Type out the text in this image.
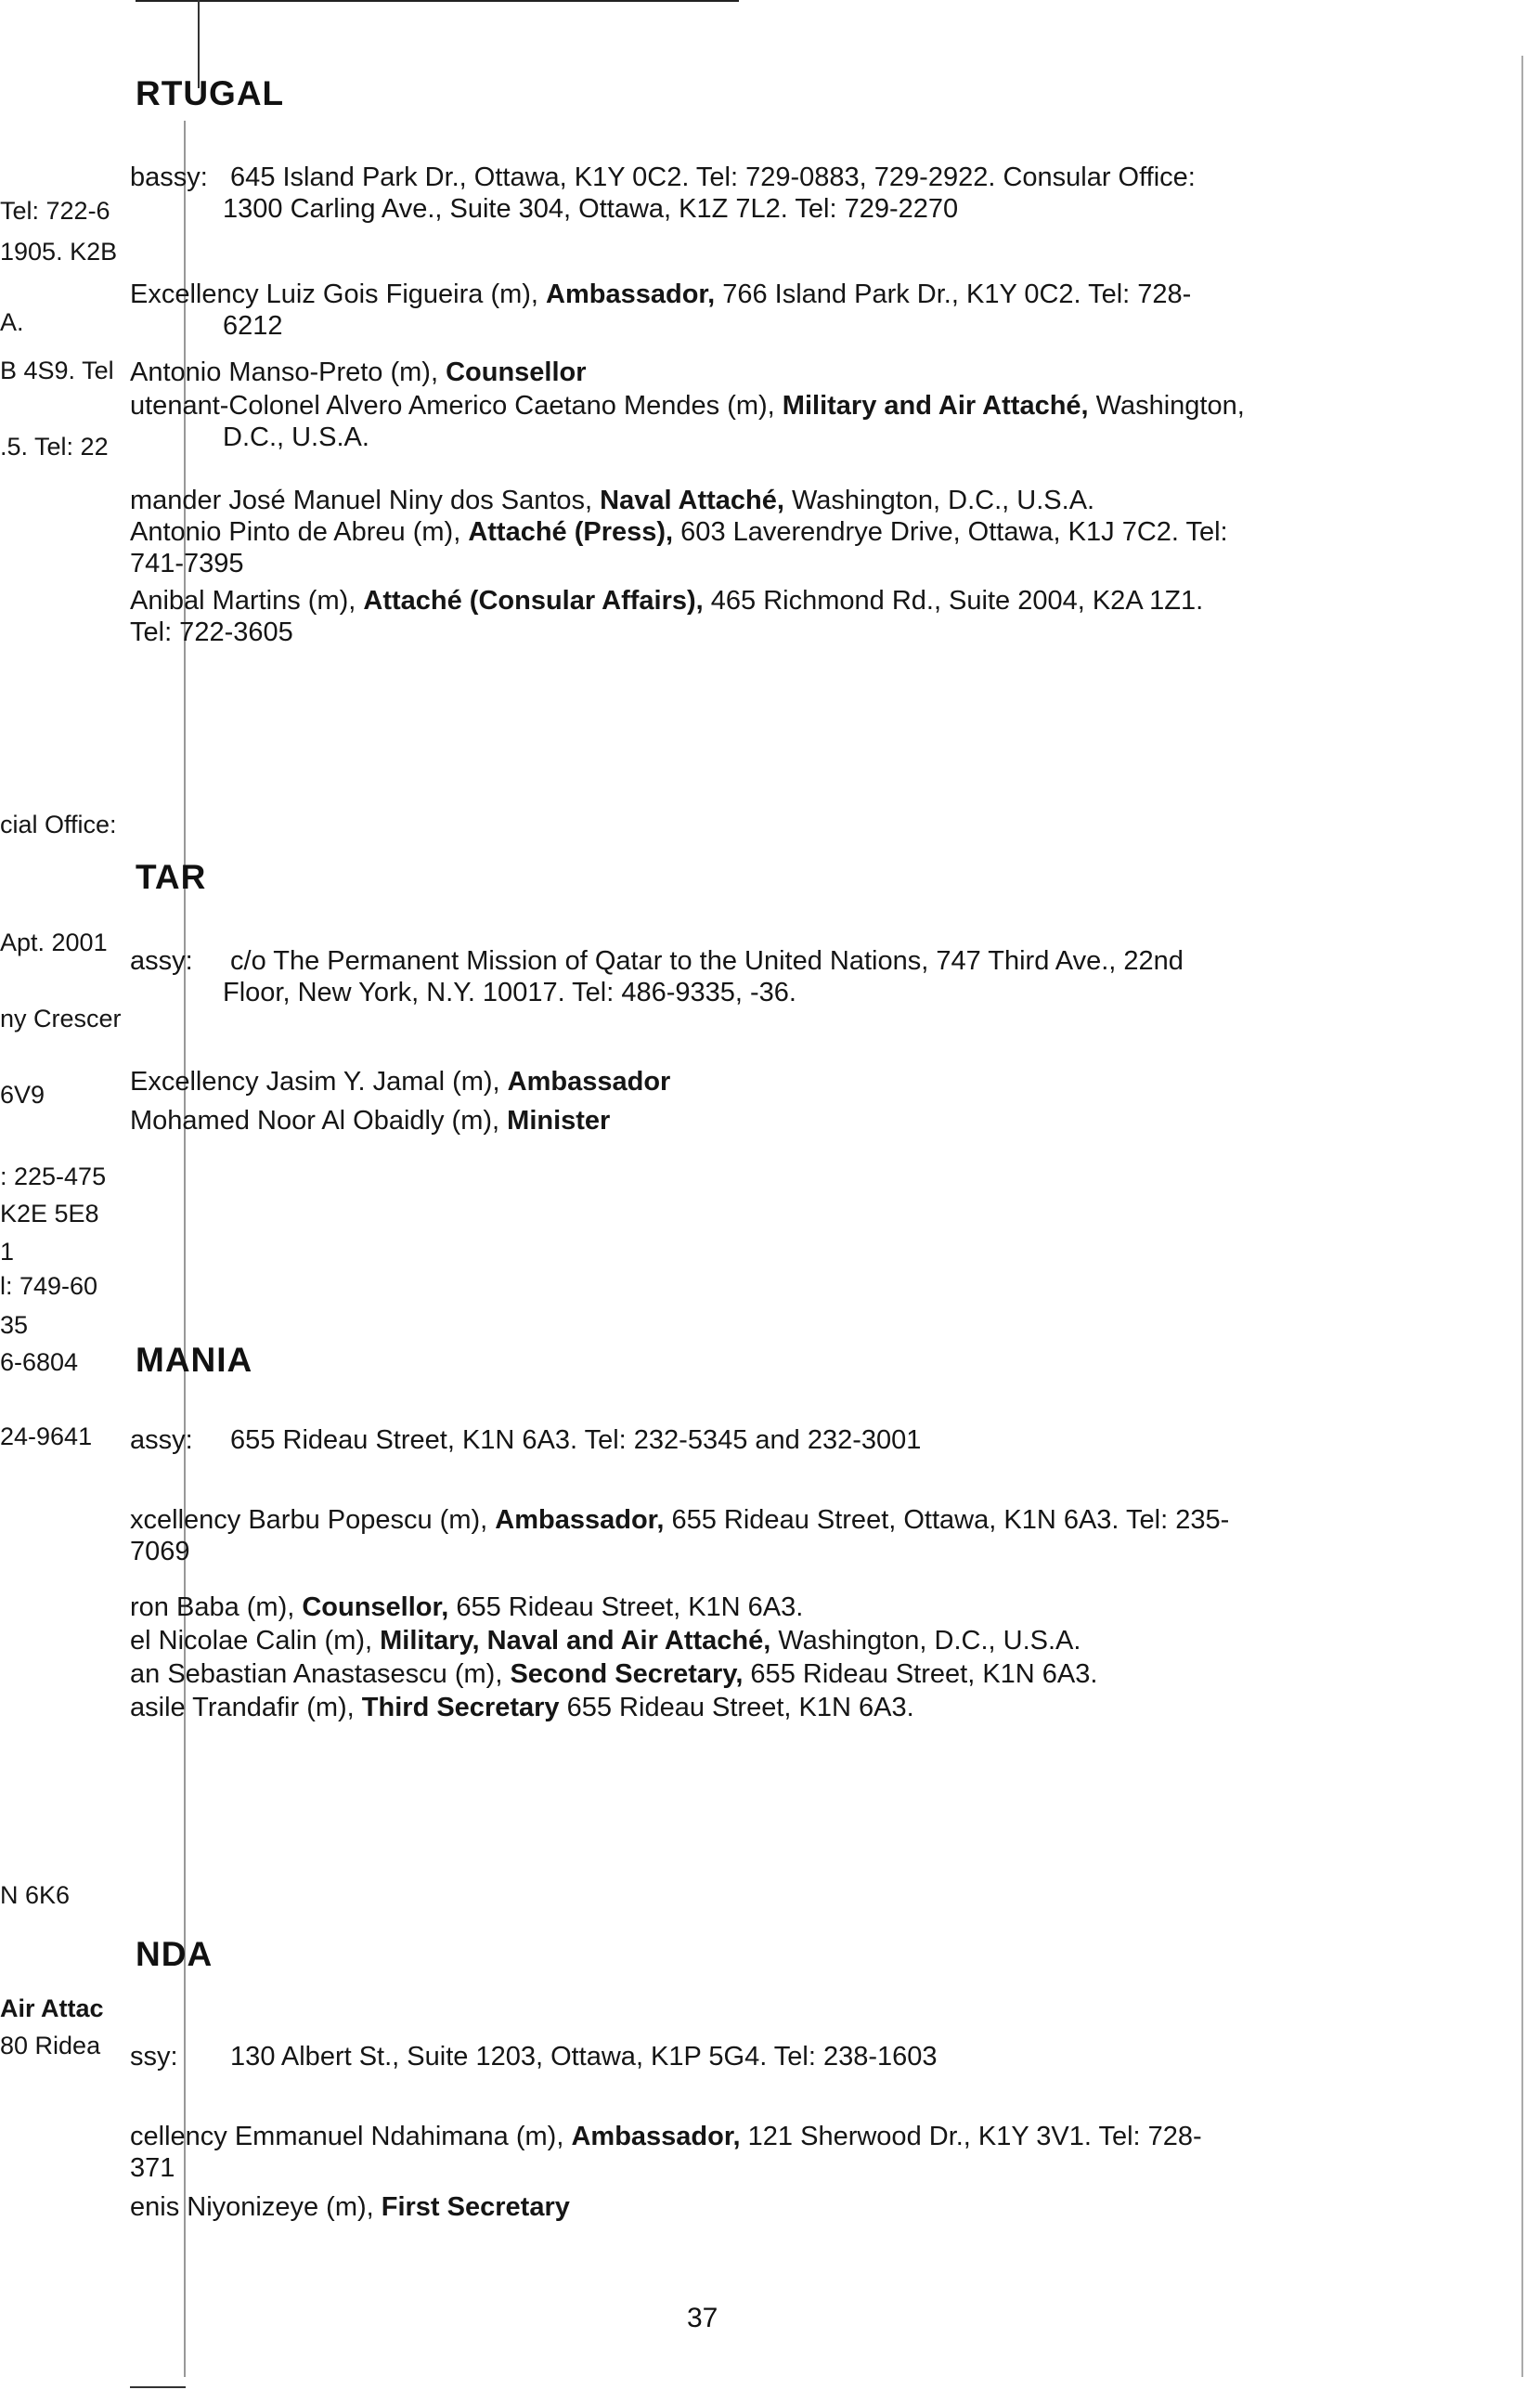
Tel: 722-6
1905. K2B
A.
B 4S9. Tel
.5. Tel: 22
cial Office:
Apt. 2001
ny Crescer
6V9
: 225-475
K2E 5E8
1
l: 749-60
35
6-6804
24-9641
N 6K6
Air Attac
80 Ridea
RTUGAL
bassy: 645 Island Park Dr., Ottawa, K1Y 0C2. Tel: 729-0883, 729-2922. Consular Office:
1300 Carling Ave., Suite 304, Ottawa, K1Z 7L2. Tel: 729-2270
Excellency Luiz Gois Figueira (m), Ambassador, 766 Island Park Dr., K1Y 0C2. Tel: 728-
6212
Antonio Manso-Preto (m), Counsellor
utenant-Colonel Alvero Americo Caetano Mendes (m), Military and Air Attaché, Washington,
D.C., U.S.A.
mander José Manuel Niny dos Santos, Naval Attaché, Washington, D.C., U.S.A.
Antonio Pinto de Abreu (m), Attaché (Press), 603 Laverendrye Drive, Ottawa, K1J 7C2. Tel:
741-7395
Anibal Martins (m), Attaché (Consular Affairs), 465 Richmond Rd., Suite 2004, K2A 1Z1.
Tel: 722-3605
TAR
assy: c/o The Permanent Mission of Qatar to the United Nations, 747 Third Ave., 22nd
Floor, New York, N.Y. 10017. Tel: 486-9335, -36.
Excellency Jasim Y. Jamal (m), Ambassador
Mohamed Noor Al Obaidly (m), Minister
MANIA
assy: 655 Rideau Street, K1N 6A3. Tel: 232-5345 and 232-3001
xcellency Barbu Popescu (m), Ambassador, 655 Rideau Street, Ottawa, K1N 6A3. Tel: 235-
7069
ron Baba (m), Counsellor, 655 Rideau Street, K1N 6A3.
el Nicolae Calin (m), Military, Naval and Air Attaché, Washington, D.C., U.S.A.
an Sebastian Anastasescu (m), Second Secretary, 655 Rideau Street, K1N 6A3.
asile Trandafir (m), Third Secretary 655 Rideau Street, K1N 6A3.
NDA
ssy: 130 Albert St., Suite 1203, Ottawa, K1P 5G4. Tel: 238-1603
cellency Emmanuel Ndahimana (m), Ambassador, 121 Sherwood Dr., K1Y 3V1. Tel: 728-
371
enis Niyonizeye (m), First Secretary
37
